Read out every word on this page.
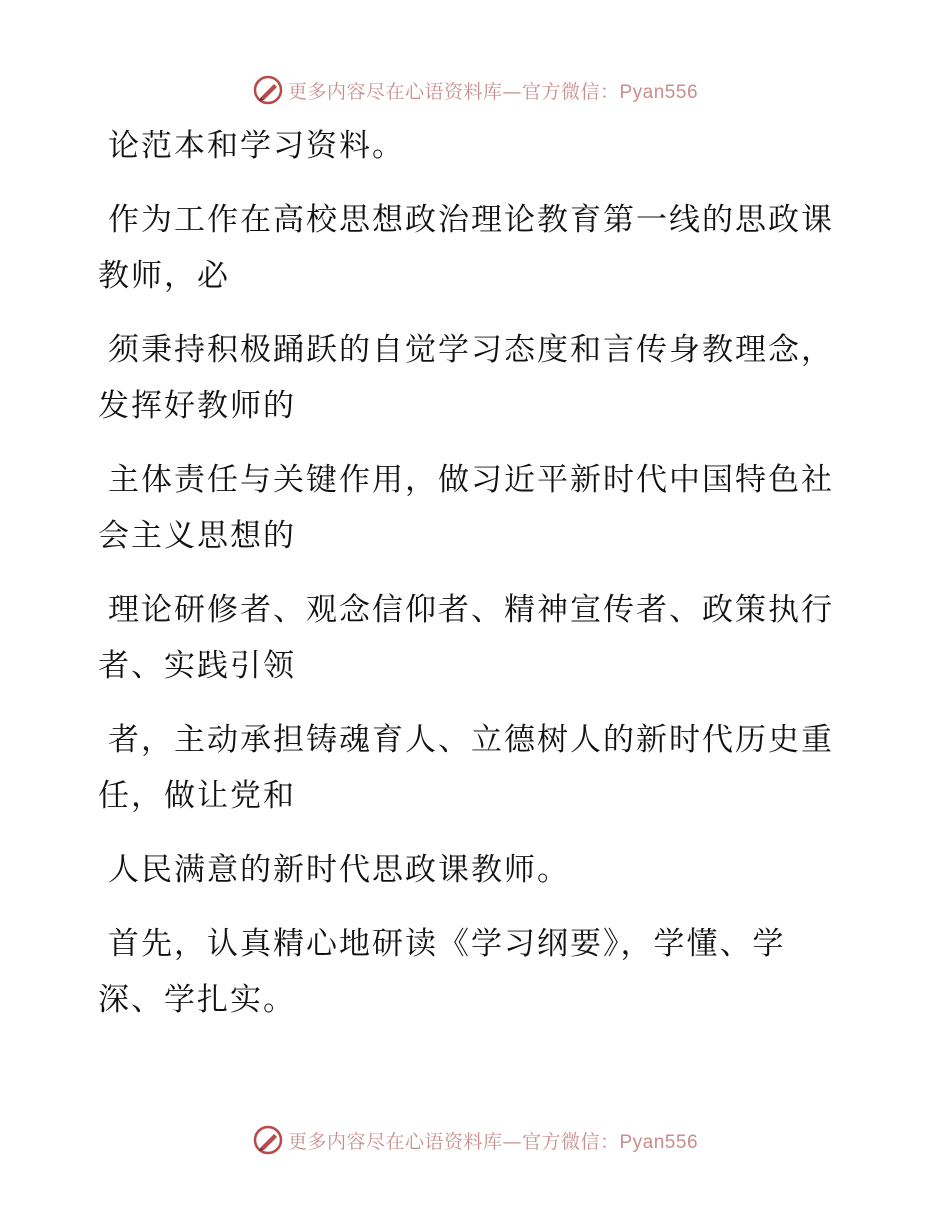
更多内容尽在心语资料库—官方微信：Pyan556

论范本和学习资料。

作为工作在高校思想政治理论教育第一线的思政课教师，必

须秉持积极踊跃的自觉学习态度和言传身教理念，发挥好教师的

主体责任与关键作用，做习近平新时代中国特色社会主义思想的

理论研修者、观念信仰者、精神宣传者、政策执行者、实践引领

者，主动承担铸魂育人、立德树人的新时代历史重任，做让党和

人民满意的新时代思政课教师。

首先，认真精心地研读《学习纲要》，学懂、学深、学扎实。

更多内容尽在心语资料库—官方微信：Pyan556
